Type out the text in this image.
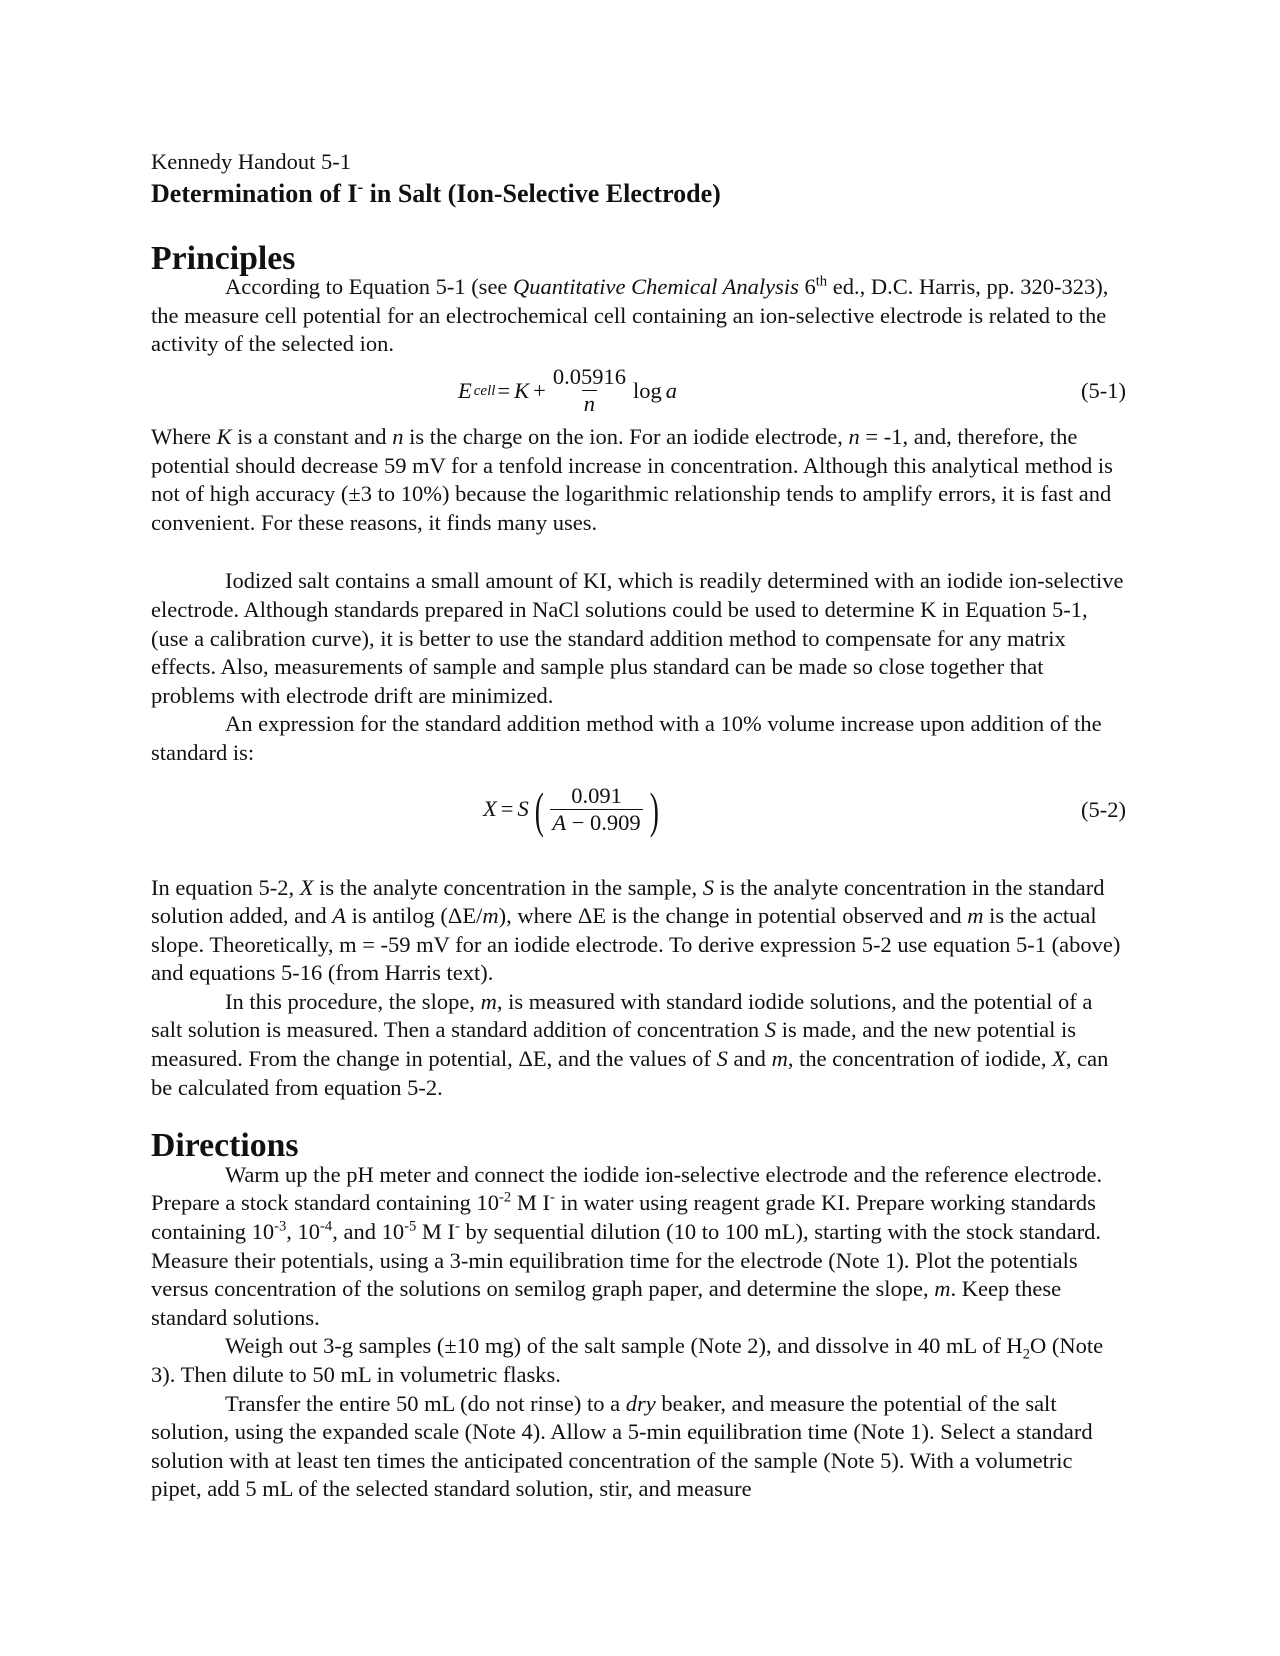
Kennedy Handout 5-1

Determination of I- in Salt (Ion-Selective Electrode)
Principles

According to Equation 5-1 (see Quantitative Chemical Analysis 6th ed., D.C. Harris, pp. 320-323), the measure cell potential for an electrochemical cell containing an ion-selective electrode is related to the activity of the selected ion.

E cell = $K + \frac{0.05916}{n}$ log a	(5-1)

Where K is a constant and n is the charge on the ion. For an iodide electrode, n = -1, and, therefore, the potential should decrease 59 mV for a tenfold increase in concentration. Although this analytical method is not of high accuracy (±3 to 10%) because the logarithmic relationship tends to amplify errors, it is fast and convenient. For these reasons, it finds many uses.

Iodized salt contains a small amount of KI, which is readily determined with an iodide ion-selective electrode. Although standards prepared in NaCl solutions could be used to determine K in Equation 5-1, (use a calibration curve), it is better to use the standard addition method to compensate for any matrix effects. Also, measurements of sample and sample plus standard can be made so close together that problems with electrode drift are minimized.

An expression for the standard addition method with a 10% volume increase upon addition of the standard is:

X = S ( $\frac{0.091}{A - 0.909}$ )	(5-2)

In equation 5-2, X is the analyte concentration in the sample, S is the analyte concentration in the standard solution added, and A is antilog (ΔE/m), where ΔE is the change in potential observed and m is the actual slope. Theoretically, m = -59 mV for an iodide electrode. To derive expression 5-2 use equation 5-1 (above) and equations 5-16 (from Harris text).

In this procedure, the slope, m, is measured with standard iodide solutions, and the potential of a salt solution is measured. Then a standard addition of concentration S is made, and the new potential is measured. From the change in potential, ΔE, and the values of S and m, the concentration of iodide, X, can be calculated from equation 5-2.

Directions

Warm up the pH meter and connect the iodide ion-selective electrode and the reference electrode. Prepare a stock standard containing $10^{-2}$ M I- in water using reagent grade KI. Prepare working standards containing $10^{-3}$, $10^{-4}$, and $10^{-5}$ M I- by sequential dilution (10 to 100 mL), starting with the stock standard. Measure their potentials, using a 3-min equilibration time for the electrode (Note 1). Plot the potentials versus concentration of the solutions on semilog graph paper, and determine the slope, m. Keep these standard solutions.

Weigh out 3-g samples (±10 mg) of the salt sample (Note 2), and dissolve in 40 mL of $H_2O$ (Note 3). Then dilute to 50 mL in volumetric flasks.

Transfer the entire 50 mL (do not rinse) to a dry beaker, and measure the potential of the salt solution, using the expanded scale (Note 4). Allow a 5-min equilibration time (Note 1). Select a standard solution with at least ten times the anticipated concentration of the sample (Note 5). With a volumetric pipet, add 5 mL of the selected standard solution, stir, and measure
